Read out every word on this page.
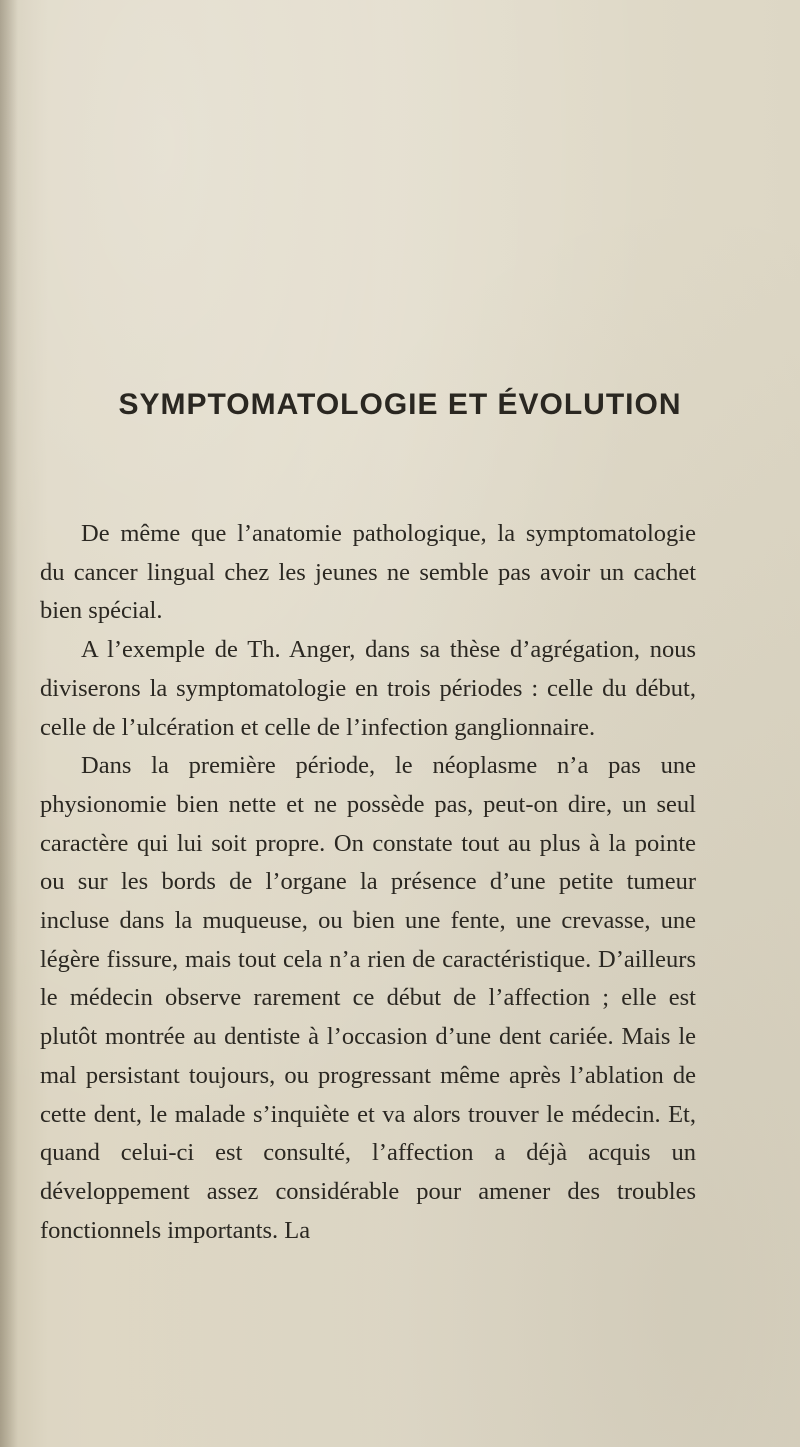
SYMPTOMATOLOGIE ET ÉVOLUTION

De même que l’anatomie pathologique, la symptomatologie du cancer lingual chez les jeunes ne semble pas avoir un cachet bien spécial.

A l’exemple de Th. Anger, dans sa thèse d’agrégation, nous diviserons la symptomatologie en trois périodes : celle du début, celle de l’ulcération et celle de l’infection ganglionnaire.

Dans la première période, le néoplasme n’a pas une physionomie bien nette et ne possède pas, peut-on dire, un seul caractère qui lui soit propre. On constate tout au plus à la pointe ou sur les bords de l’organe la présence d’une petite tumeur incluse dans la muqueuse, ou bien une fente, une crevasse, une légère fissure, mais tout cela n’a rien de caractéristique. D’ailleurs le médecin observe rarement ce début de l’affection ; elle est plutôt montrée au dentiste à l’occasion d’une dent cariée. Mais le mal persistant toujours, ou progressant même après l’ablation de cette dent, le malade s’inquiète et va alors trouver le médecin. Et, quand celui-ci est consulté, l’affection a déjà acquis un développement assez considérable pour amener des troubles fonctionnels importants. La
